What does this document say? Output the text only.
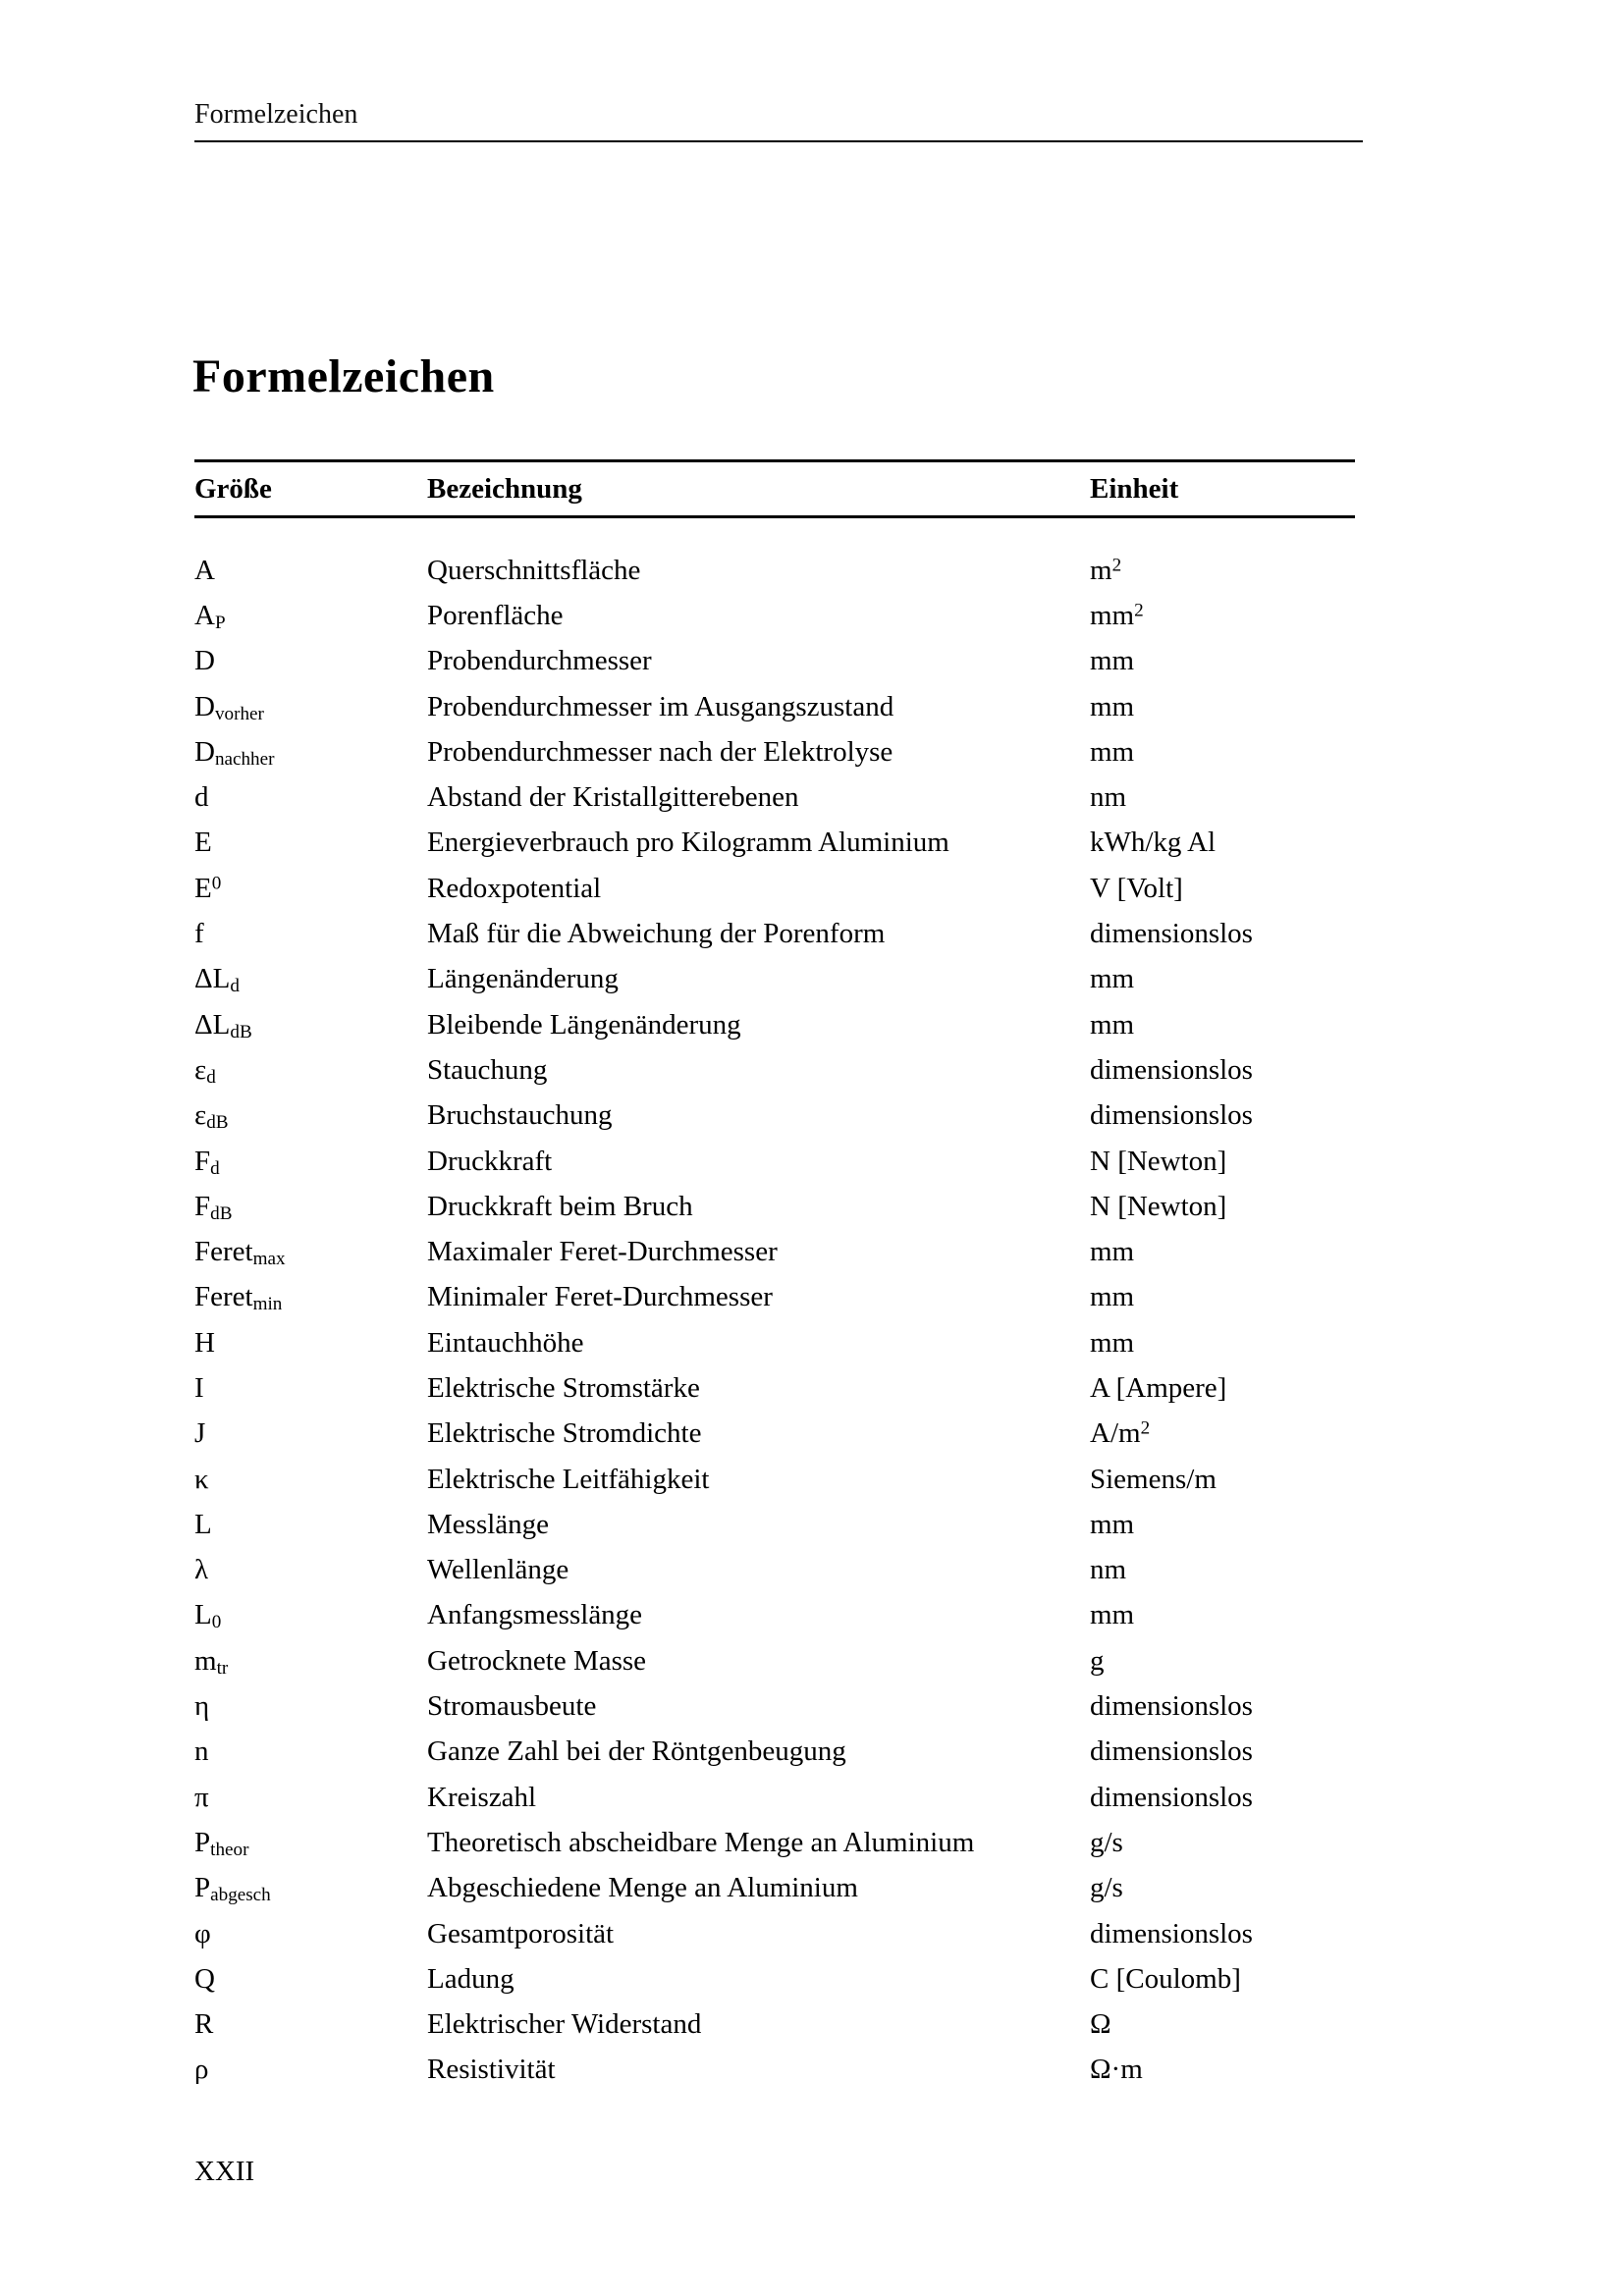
Formelzeichen
Formelzeichen
Größe	Bezeichnung	Einheit
A	Querschnittsfläche	$m^2$
$A_P$	Porenfläche	$mm^2$
D	Probendurchmesser	mm
$D_{vorher}$	Probendurchmesser im Ausgangszustand	mm
$D_{nachher}$	Probendurchmesser nach der Elektrolyse	mm
d	Abstand der Kristallgitterebenen	nm
E	Energieverbrauch pro Kilogramm Aluminium	kWh/kg Al
$E^0$	Redoxpotential	V [Volt]
f	Maß für die Abweichung der Porenform	dimensionslos
$\Delta L_d$	Längenänderung	mm
$\Delta L_{dB}$	Bleibende Längenänderung	mm
$\varepsilon_d$	Stauchung	dimensionslos
$\varepsilon_{dB}$	Bruchstauchung	dimensionslos
$F_d$	Druckkraft	N [Newton]
$F_{dB}$	Druckkraft beim Bruch	N [Newton]
Feret$_{max}$	Maximaler Feret-Durchmesser	mm
Feret$_{min}$	Minimaler Feret-Durchmesser	mm
H	Eintauchhöhe	mm
I	Elektrische Stromstärke	A [Ampere]
J	Elektrische Stromdichte	$A/m^2$
κ	Elektrische Leitfähigkeit	Siemens/m
L	Messlänge	mm
λ	Wellenlänge	nm
$L_0$	Anfangsmesslänge	mm
$m_{tr}$	Getrocknete Masse	g
η	Stromausbeute	dimensionslos
n	Ganze Zahl bei der Röntgenbeugung	dimensionslos
π	Kreiszahl	dimensionslos
$P_{theor}$	Theoretisch abscheidbare Menge an Aluminium	g/s
$P_{abgesch}$	Abgeschiedene Menge an Aluminium	g/s
φ	Gesamtporosität	dimensionslos
Q	Ladung	C [Coulomb]
R	Elektrischer Widerstand	Ω
ρ	Resistivität	Ω·m
XXII
